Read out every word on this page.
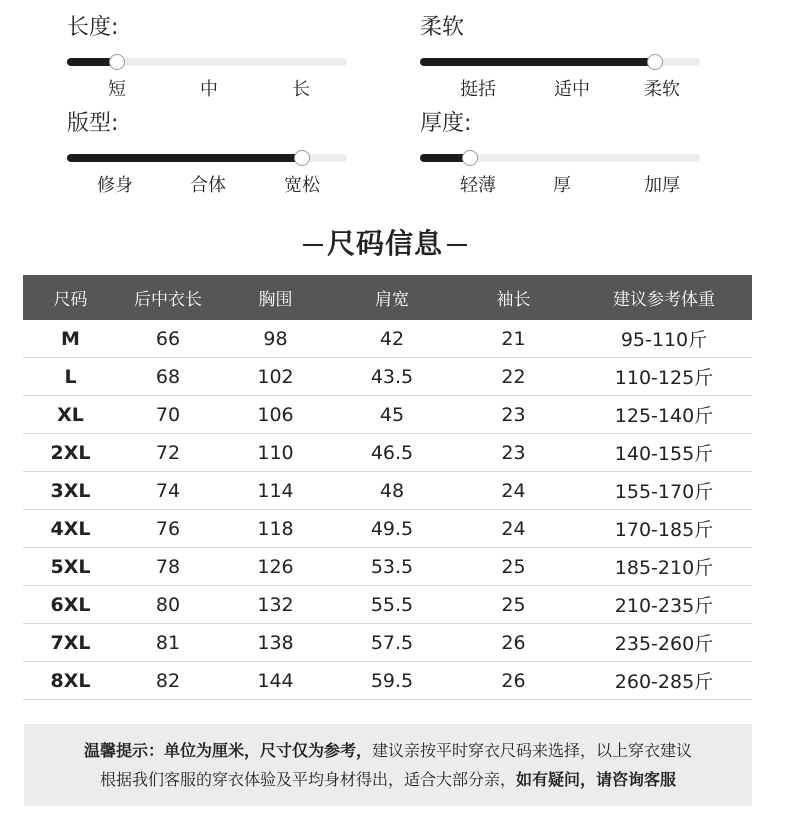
长度:
短	中	长
柔软
挺括	适中	柔软
版型:
修身	合体	宽松
厚度:
轻薄	厚	加厚
尺码信息
尺码	后中衣长	胸围	肩宽	袖长	建议参考体重
M	66	98	42	21	95-110斤
L	68	102	43.5	22	110-125斤
XL	70	106	45	23	125-140斤
2XL	72	110	46.5	23	140-155斤
3XL	74	114	48	24	155-170斤
4XL	76	118	49.5	24	170-185斤
5XL	78	126	53.5	25	185-210斤
6XL	80	132	55.5	25	210-235斤
7XL	81	138	57.5	26	235-260斤
8XL	82	144	59.5	26	260-285斤
温馨提示：单位为厘米，尺寸仅为参考，建议亲按平时穿衣尺码来选择，以上穿衣建议
根据我们客服的穿衣体验及平均身材得出，适合大部分亲，如有疑问，请咨询客服
